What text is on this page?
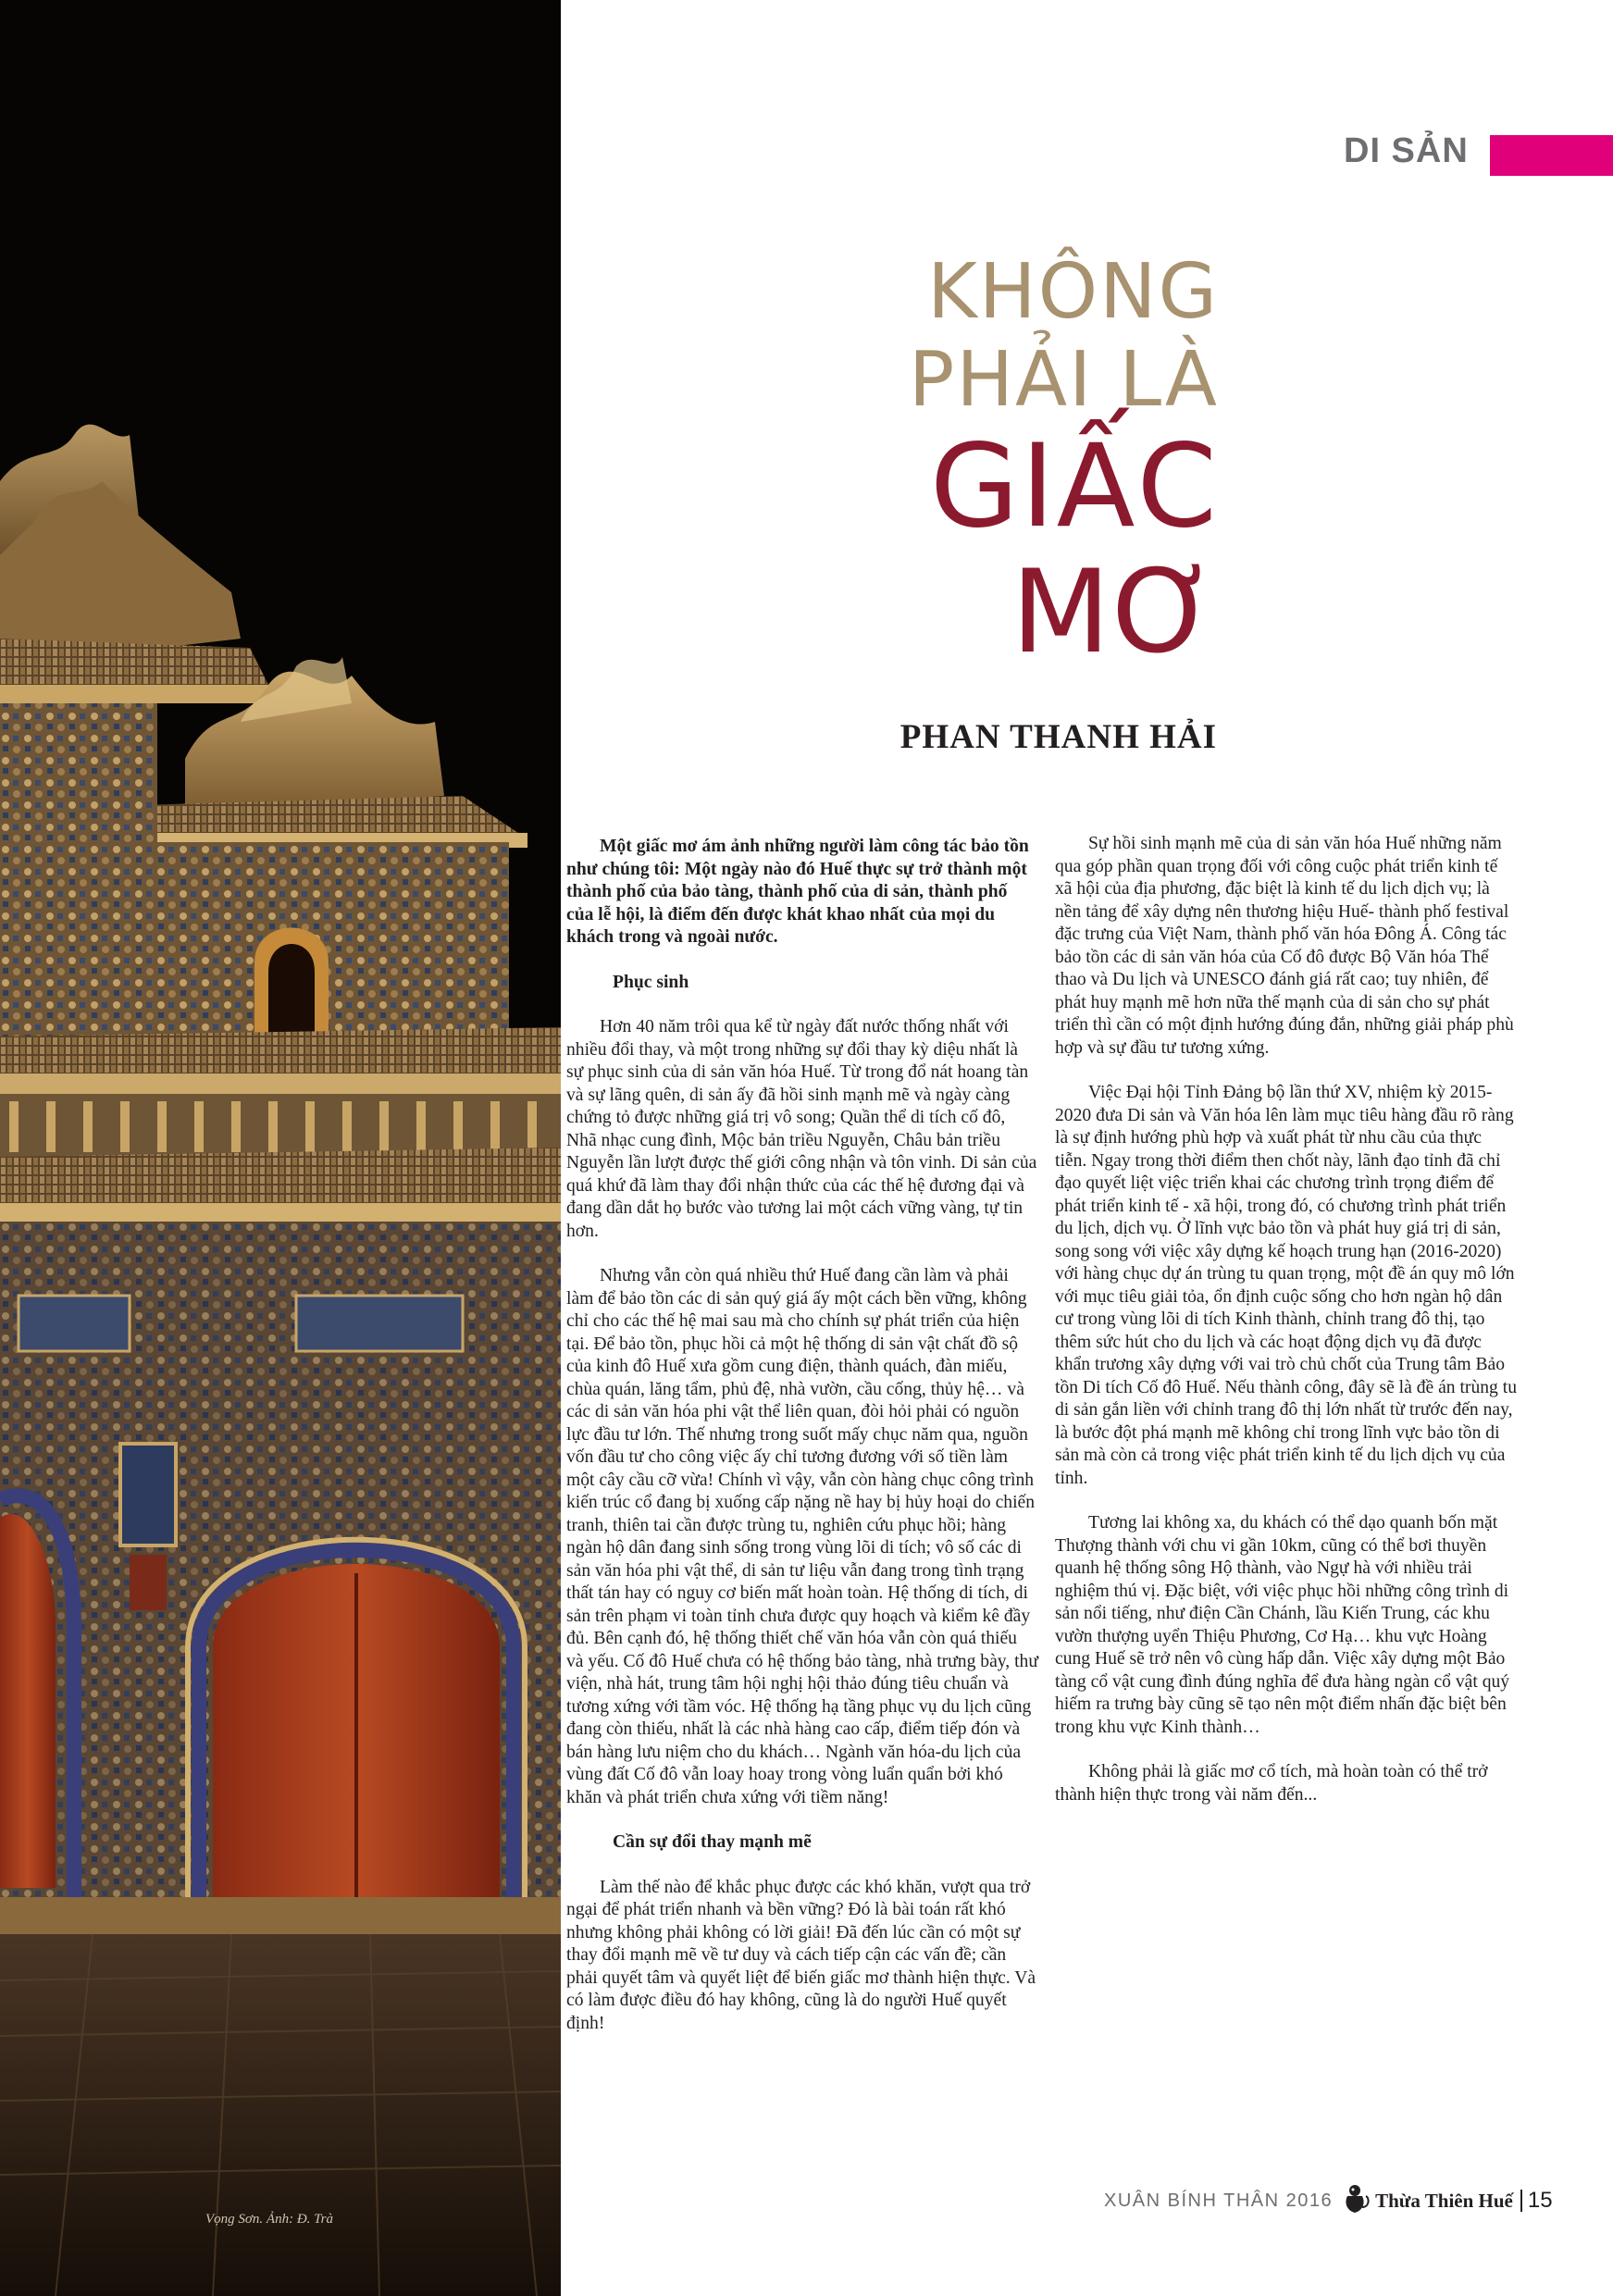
Vọng Sơn. Ảnh: Đ. Trà
DI SẢN
KHÔNG
PHẢI LÀ
GIẤC
MƠ
PHAN THANH HẢI

Một giấc mơ ám ảnh những người làm công tác bảo tồn như chúng tôi: Một ngày nào đó Huế thực sự trở thành một thành phố của bảo tàng, thành phố của di sản, thành phố của lễ hội, là điểm đến được khát khao nhất của mọi du khách trong và ngoài nước.

Phục sinh

Hơn 40 năm trôi qua kể từ ngày đất nước thống nhất với nhiều đổi thay, và một trong những sự đổi thay kỳ diệu nhất là sự phục sinh của di sản văn hóa Huế. Từ trong đổ nát hoang tàn và sự lãng quên, di sản ấy đã hồi sinh mạnh mẽ và ngày càng chứng tỏ được những giá trị vô song; Quần thể di tích cố đô, Nhã nhạc cung đình, Mộc bản triều Nguyễn, Châu bản triều Nguyễn lần lượt được thế giới công nhận và tôn vinh. Di sản của quá khứ đã làm thay đổi nhận thức của các thế hệ đương đại và đang dần dắt họ bước vào tương lai một cách vững vàng, tự tin hơn.

Nhưng vẫn còn quá nhiều thứ Huế đang cần làm và phải làm để bảo tồn các di sản quý giá ấy một cách bền vững, không chỉ cho các thế hệ mai sau mà cho chính sự phát triển của hiện tại. Để bảo tồn, phục hồi cả một hệ thống di sản vật chất đồ sộ của kinh đô Huế xưa gồm cung điện, thành quách, đàn miếu, chùa quán, lăng tẩm, phủ đệ, nhà vườn, cầu cống, thủy hệ… và các di sản văn hóa phi vật thể liên quan, đòi hỏi phải có nguồn lực đầu tư lớn. Thế nhưng trong suốt mấy chục năm qua, nguồn vốn đầu tư cho công việc ấy chỉ tương đương với số tiền làm một cây cầu cỡ vừa! Chính vì vậy, vẫn còn hàng chục công trình kiến trúc cổ đang bị xuống cấp nặng nề hay bị hủy hoại do chiến tranh, thiên tai cần được trùng tu, nghiên cứu phục hồi; hàng ngàn hộ dân đang sinh sống trong vùng lõi di tích; vô số các di sản văn hóa phi vật thể, di sản tư liệu vẫn đang trong tình trạng thất tán hay có nguy cơ biến mất hoàn toàn. Hệ thống di tích, di sản trên phạm vi toàn tỉnh chưa được quy hoạch và kiểm kê đầy đủ. Bên cạnh đó, hệ thống thiết chế văn hóa vẫn còn quá thiếu và yếu. Cố đô Huế chưa có hệ thống bảo tàng, nhà trưng bày, thư viện, nhà hát, trung tâm hội nghị hội thảo đúng tiêu chuẩn và tương xứng với tầm vóc. Hệ thống hạ tầng phục vụ du lịch cũng đang còn thiếu, nhất là các nhà hàng cao cấp, điểm tiếp đón và bán hàng lưu niệm cho du khách… Ngành văn hóa-du lịch của vùng đất Cố đô vẫn loay hoay trong vòng luẩn quẩn bởi khó khăn và phát triển chưa xứng với tiềm năng!

Cần sự đổi thay mạnh mẽ

Làm thế nào để khắc phục được các khó khăn, vượt qua trở ngại để phát triển nhanh và bền vững? Đó là bài toán rất khó nhưng không phải không có lời giải! Đã đến lúc cần có một sự thay đổi mạnh mẽ về tư duy và cách tiếp cận các vấn đề; cần phải quyết tâm và quyết liệt để biến giấc mơ thành hiện thực. Và có làm được điều đó hay không, cũng là do người Huế quyết định!

Sự hồi sinh mạnh mẽ của di sản văn hóa Huế những năm qua góp phần quan trọng đối với công cuộc phát triển kinh tế xã hội của địa phương, đặc biệt là kinh tế du lịch dịch vụ; là nền tảng để xây dựng nên thương hiệu Huế- thành phố festival đặc trưng của Việt Nam, thành phố văn hóa Đông Á. Công tác bảo tồn các di sản văn hóa của Cố đô được Bộ Văn hóa Thể thao và Du lịch và UNESCO đánh giá rất cao; tuy nhiên, để phát huy mạnh mẽ hơn nữa thế mạnh của di sản cho sự phát triển thì cần có một định hướng đúng đắn, những giải pháp phù hợp và sự đầu tư tương xứng.

Việc Đại hội Tỉnh Đảng bộ lần thứ XV, nhiệm kỳ 2015-2020 đưa Di sản và Văn hóa lên làm mục tiêu hàng đầu rõ ràng là sự định hướng phù hợp và xuất phát từ nhu cầu của thực tiễn. Ngay trong thời điểm then chốt này, lãnh đạo tỉnh đã chỉ đạo quyết liệt việc triển khai các chương trình trọng điểm để phát triển kinh tế - xã hội, trong đó, có chương trình phát triển du lịch, dịch vụ. Ở lĩnh vực bảo tồn và phát huy giá trị di sản, song song với việc xây dựng kế hoạch trung hạn (2016-2020) với hàng chục dự án trùng tu quan trọng, một đề án quy mô lớn với mục tiêu giải tỏa, ổn định cuộc sống cho hơn ngàn hộ dân cư trong vùng lõi di tích Kinh thành, chỉnh trang đô thị, tạo thêm sức hút cho du lịch và các hoạt động dịch vụ đã được khẩn trương xây dựng với vai trò chủ chốt của Trung tâm Bảo tồn Di tích Cố đô Huế. Nếu thành công, đây sẽ là đề án trùng tu di sản gắn liền với chỉnh trang đô thị lớn nhất từ trước đến nay, là bước đột phá mạnh mẽ không chỉ trong lĩnh vực bảo tồn di sản mà còn cả trong việc phát triển kinh tế du lịch dịch vụ của tỉnh.

Tương lai không xa, du khách có thể dạo quanh bốn mặt Thượng thành với chu vi gần 10km, cũng có thể bơi thuyền quanh hệ thống sông Hộ thành, vào Ngự hà với nhiều trải nghiệm thú vị. Đặc biệt, với việc phục hồi những công trình di sản nổi tiếng, như điện Cần Chánh, lầu Kiến Trung, các khu vườn thượng uyển Thiệu Phương, Cơ Hạ… khu vực Hoàng cung Huế sẽ trở nên vô cùng hấp dẫn. Việc xây dựng một Bảo tàng cổ vật cung đình đúng nghĩa để đưa hàng ngàn cổ vật quý hiếm ra trưng bày cũng sẽ tạo nên một điểm nhấn đặc biệt bên trong khu vực Kinh thành…

Không phải là giấc mơ cổ tích, mà hoàn toàn có thể trở thành hiện thực trong vài năm đến...

XUÂN BÍNH THÂN 2016 Thừa Thiên Huế 15
